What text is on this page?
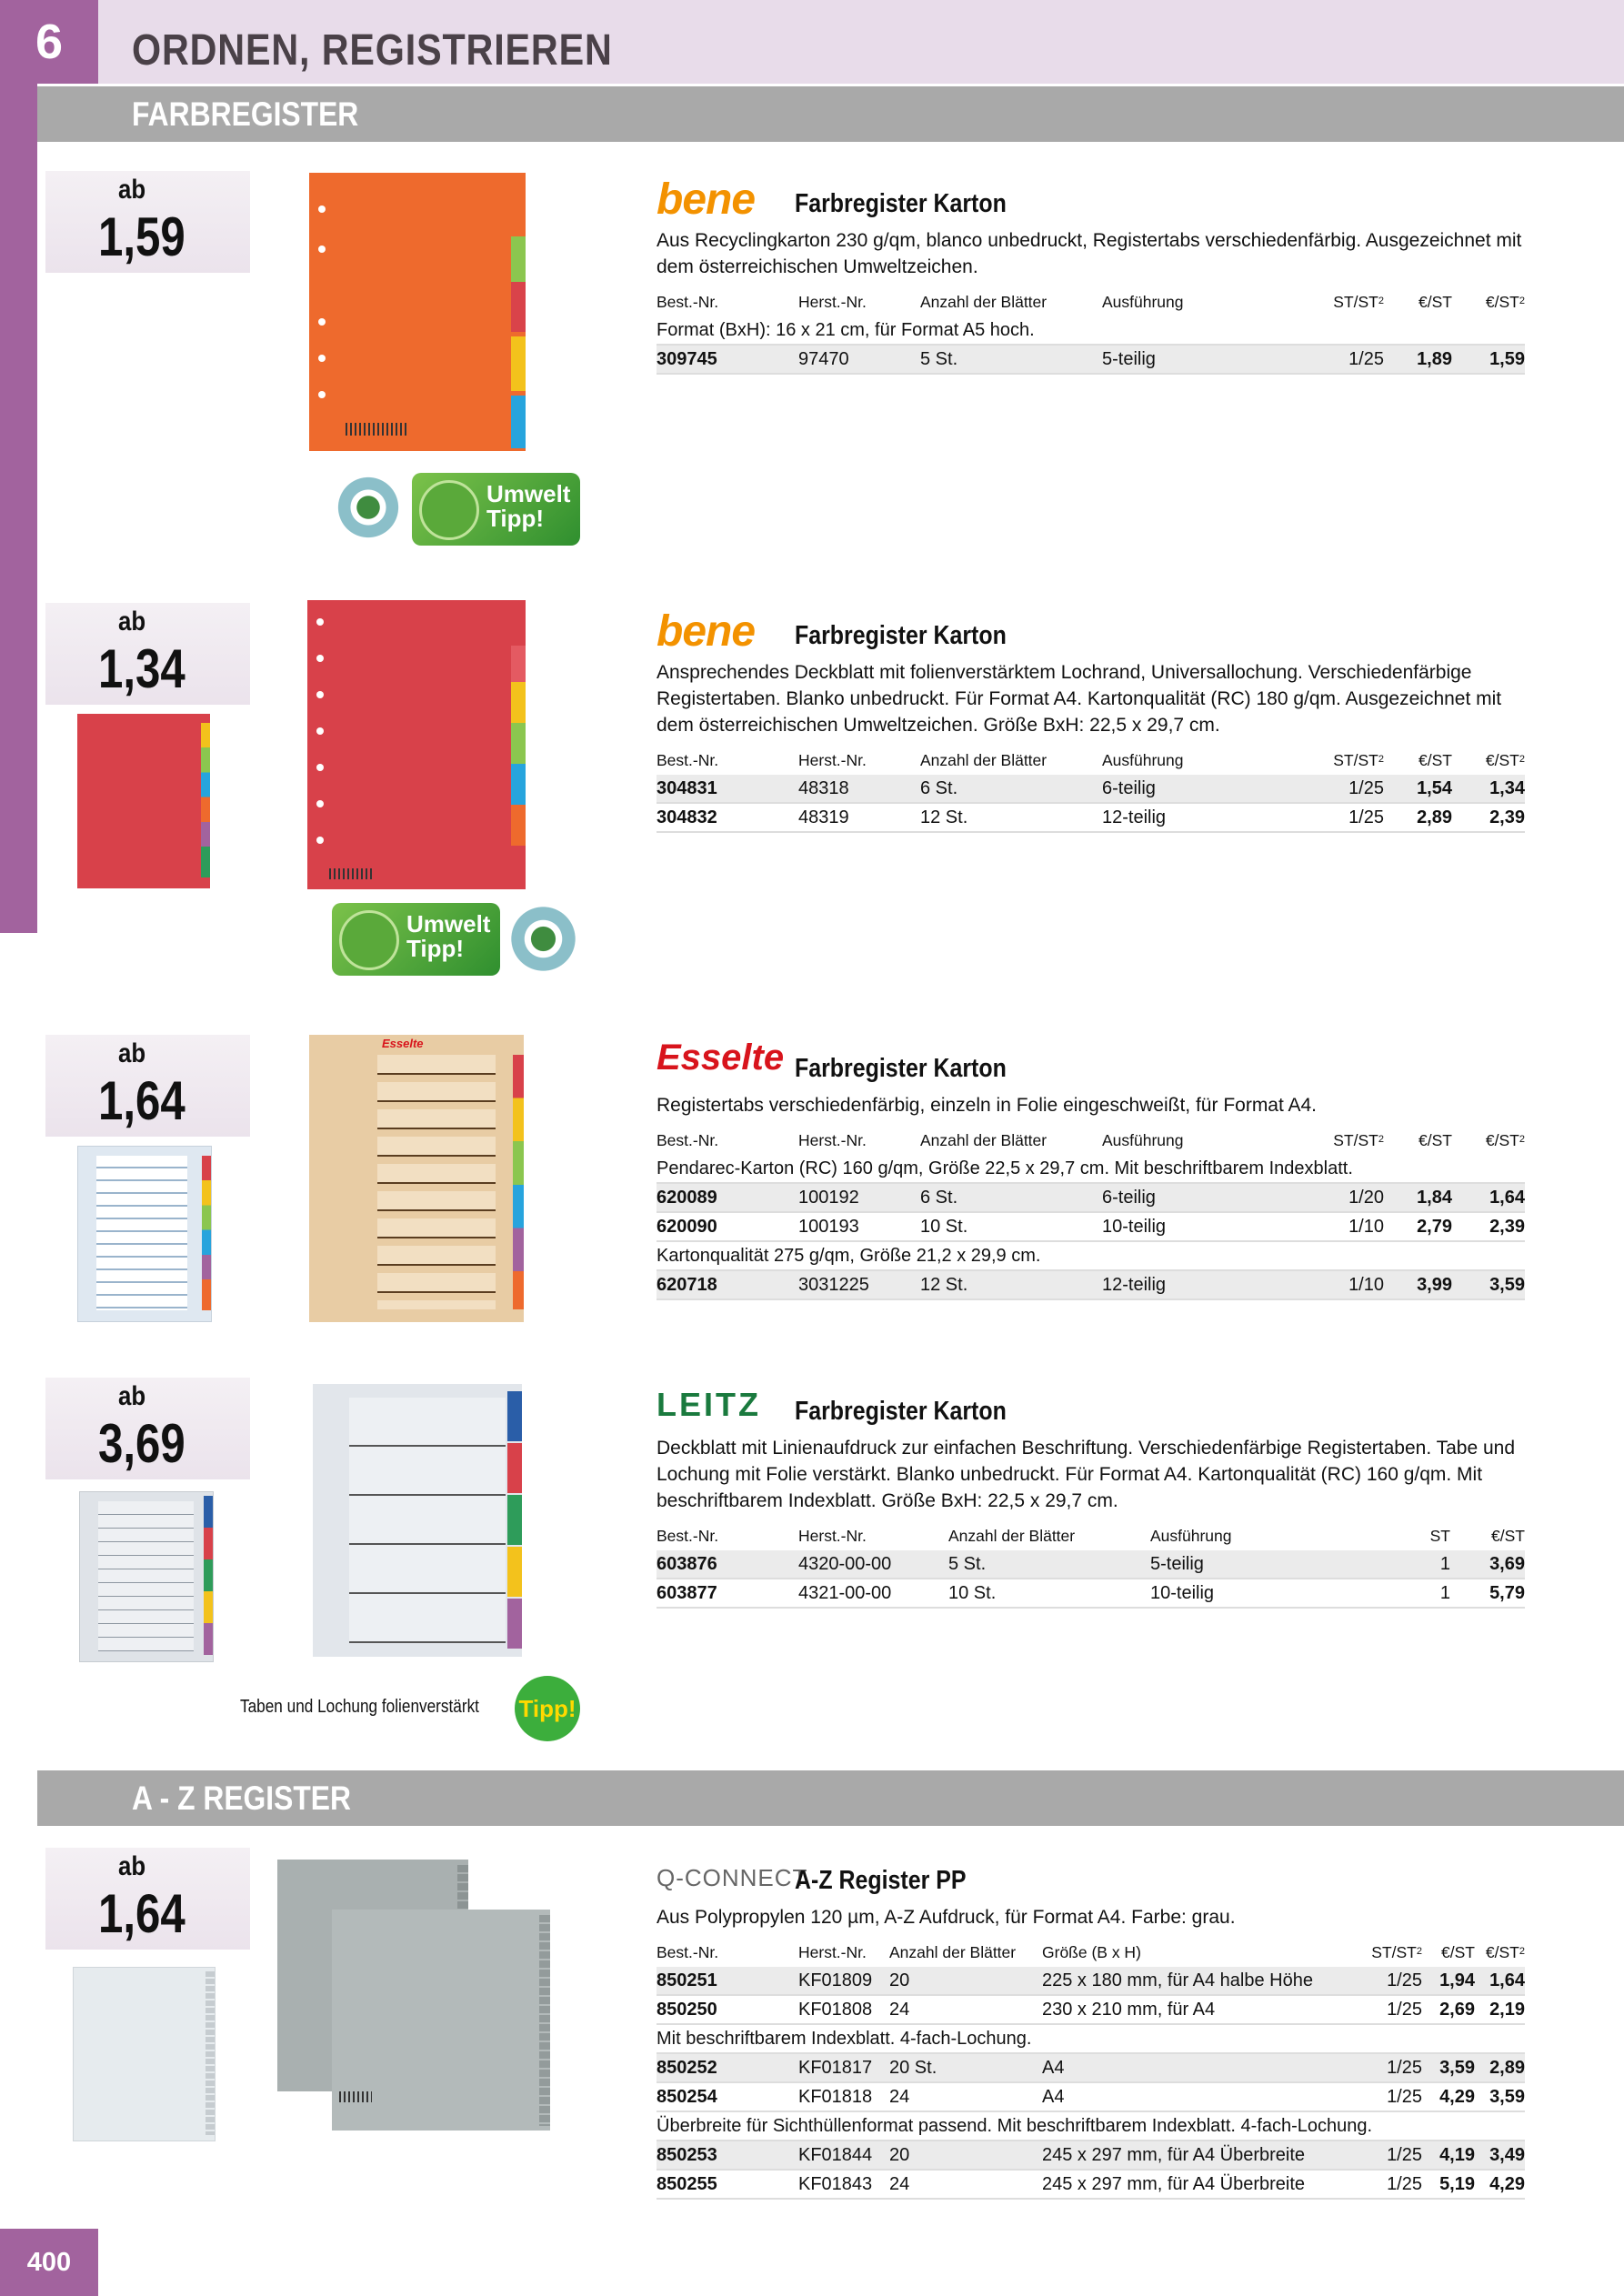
6	ORDNEN, REGISTRIEREN
FARBREGISTER
ab
1,59
Umwelt Tipp!
bene Farbregister Karton
Aus Recyclingkarton 230 g/qm, blanco unbedruckt, Registertabs verschiedenfärbig. Ausgezeichnet mit dem österreichischen Umweltzeichen.
Best.-Nr.	Herst.-Nr.	Anzahl der Blätter	Ausführung	$ST/ST^2$	€/ST	$€/ST^2$
Format (BxH): 16 x 21 cm, für Format A5 hoch.						
309745	97470	5 St.	5-teilig	1/25	1,89	1,59
ab
1,34
Umwelt Tipp!
bene Farbregister Karton
Ansprechendes Deckblatt mit folienverstärktem Lochrand, Universallochung. Verschiedenfärbige Registertaben. Blanko unbedruckt. Für Format A4. Kartonqualität (RC) 180 g/qm. Ausgezeichnet mit dem österreichischen Umweltzeichen. Größe BxH: 22,5 x 29,7 cm.
Best.-Nr.	Herst.-Nr.	Anzahl der Blätter	Ausführung	$ST/ST^2$	€/ST	$€/ST^2$
304831	48318	6 St.	6-teilig	1/25	1,54	1,34
304832	48319	12 St.	12-teilig	1/25	2,89	2,39
ab
1,64
Esselte	Esselte Farbregister Karton
Registertabs verschiedenfärbig, einzeln in Folie eingeschweißt, für Format A4.
Best.-Nr.	Herst.-Nr.	Anzahl der Blätter	Ausführung	$ST/ST^2$	€/ST	$€/ST^2$
Pendarec-Karton (RC) 160 g/qm, Größe 22,5 x 29,7 cm. Mit beschriftbarem Indexblatt.						
620089	100192	6 St.	6-teilig	1/20	1,84	1,64
620090	100193	10 St.	10-teilig	1/10	2,79	2,39
Kartonqualität 275 g/qm, Größe 21,2 x 29,9 cm.						
620718	3031225	12 St.	12-teilig	1/10	3,99	3,59
ab
3,69
Taben und Lochung folienverstärkt Tipp!
LEITZ Farbregister Karton
Deckblatt mit Linienaufdruck zur einfachen Beschriftung. Verschiedenfärbige Registertaben. Tabe und Lochung mit Folie verstärkt. Blanko unbedruckt. Für Format A4. Kartonqualität (RC) 160 g/qm. Mit beschriftbarem Indexblatt. Größe BxH: 22,5 x 29,7 cm.
Best.-Nr.	Herst.-Nr.	Anzahl der Blätter	Ausführung	ST	€/ST
603876	4320-00-00	5 St.	5-teilig	1	3,69
603877	4321-00-00	10 St.	10-teilig	1	5,79
A - Z REGISTER
ab
1,64
Q-CONNECT
A-Z Register PP
Aus Polypropylen 120 µm, A-Z Aufdruck, für Format A4. Farbe: grau.
Best.-Nr.	Herst.-Nr.	Anzahl der Blätter	Größe (B x H)	$ST/ST^2$	€/ST	$€/ST^2$
850251	KF01809	20	225 x 180 mm, für A4 halbe Höhe	1/25	1,94	1,64
850250	KF01808	24	230 x 210 mm, für A4	1/25	2,69	2,19
Mit beschriftbarem Indexblatt. 4-fach-Lochung.						
850252	KF01817	20 St.	A4	1/25	3,59	2,89
850254	KF01818	24	A4	1/25	4,29	3,59
Überbreite für Sichthüllenformat passend. Mit beschriftbarem Indexblatt. 4-fach-Lochung.						
850253	KF01844	20	245 x 297 mm, für A4 Überbreite	1/25	4,19	3,49
850255	KF01843	24	245 x 297 mm, für A4 Überbreite	1/25	5,19	4,29
400
